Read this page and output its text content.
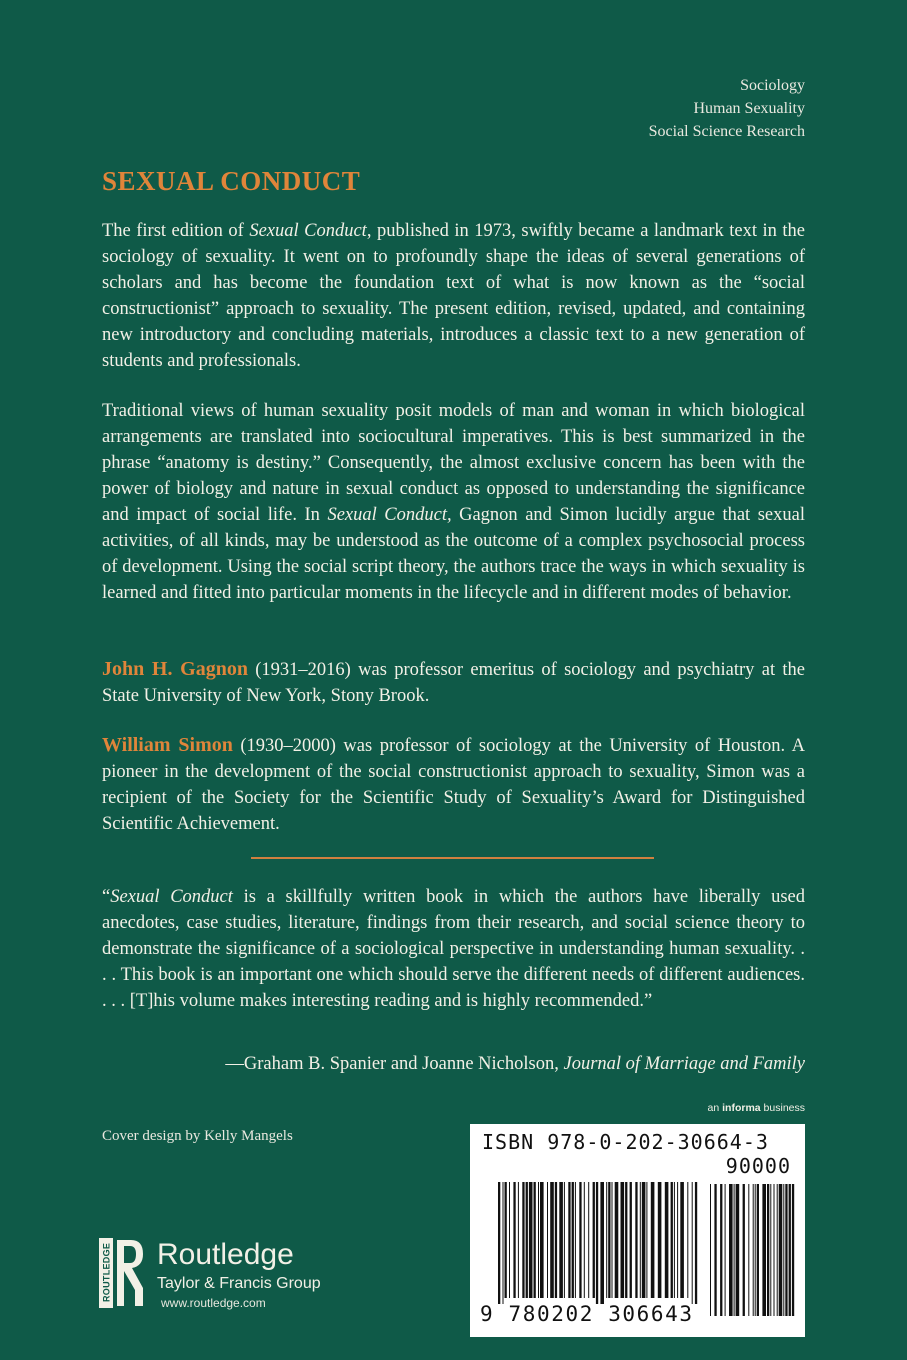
Sociology
Human Sexuality
Social Science Research
SEXUAL CONDUCT
The first edition of Sexual Conduct, published in 1973, swiftly became a landmark text in the sociology of sexuality. It went on to profoundly shape the ideas of several generations of scholars and has become the foundation text of what is now known as the “social constructionist” approach to sexuality. The present edition, revised, updated, and containing new introductory and concluding materials, introduces a classic text to a new generation of students and professionals.
Traditional views of human sexuality posit models of man and woman in which biological arrangements are translated into sociocultural imperatives. This is best summarized in the phrase “anatomy is destiny.” Consequently, the almost exclusive concern has been with the power of biology and nature in sexual conduct as opposed to understanding the significance and impact of social life. In Sexual Conduct, Gagnon and Simon lucidly argue that sexual activities, of all kinds, may be understood as the outcome of a complex psychosocial process of development. Using the social script theory, the authors trace the ways in which sexuality is learned and fitted into particular moments in the lifecycle and in different modes of behavior.
John H. Gagnon (1931–2016) was professor emeritus of sociology and psychiatry at the State University of New York, Stony Brook.
William Simon (1930–2000) was professor of sociology at the University of Houston. A pioneer in the development of the social constructionist approach to sexuality, Simon was a recipient of the Society for the Scientific Study of Sexuality’s Award for Distinguished Scientific Achievement.
“Sexual Conduct is a skillfully written book in which the authors have liberally used anecdotes, case studies, literature, findings from their research, and social science theory to demonstrate the significance of a sociological perspective in understanding human sexuality. . . . This book is an important one which should serve the different needs of different audiences. . . . [T]his volume makes interesting reading and is highly recommended.”
—Graham B. Spanier and Joanne Nicholson, Journal of Marriage and Family
an informa business
Cover design by Kelly Mangels
ROUTLEDGE Routledge
Taylor & Francis Group
www.routledge.com
ISBN 978-0-202-30664-3
90000
9 780202 306643
